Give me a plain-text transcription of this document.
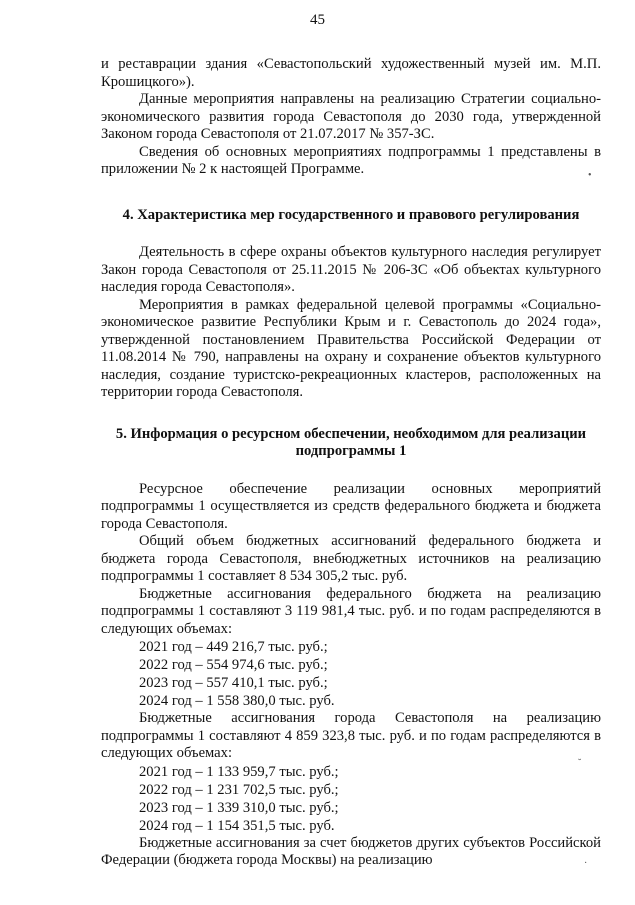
45

и реставрации здания «Севастопольский художественный музей им. М.П. Крошицкого»).

Данные мероприятия направлены на реализацию Стратегии социально-экономического развития города Севастополя до 2030 года, утвержденной Законом города Севастополя от 21.07.2017 № 357-ЗС.

Сведения об основных мероприятиях подпрограммы 1 представлены в приложении № 2 к настоящей Программе.

4. Характеристика мер государственного и правового регулирования

Деятельность в сфере охраны объектов культурного наследия регулирует Закон города Севастополя от 25.11.2015 № 206-ЗС «Об объектах культурного наследия города Севастополя».

Мероприятия в рамках федеральной целевой программы «Социально-экономическое развитие Республики Крым и г. Севастополь до 2024 года», утвержденной постановлением Правительства Российской Федерации от 11.08.2014 № 790, направлены на охрану и сохранение объектов культурного наследия, создание туристско-рекреационных кластеров, расположенных на территории города Севастополя.

5. Информация о ресурсном обеспечении, необходимом для реализации подпрограммы 1

Ресурсное обеспечение реализации основных мероприятий подпрограммы 1 осуществляется из средств федерального бюджета и бюджета города Севастополя.

Общий объем бюджетных ассигнований федерального бюджета и бюджета города Севастополя, внебюджетных источников на реализацию подпрограммы 1 составляет 8 534 305,2 тыс. руб.

Бюджетные ассигнования федерального бюджета на реализацию подпрограммы 1 составляют 3 119 981,4 тыс. руб. и по годам распределяются в следующих объемах:

2021 год – 449 216,7 тыс. руб.;
2022 год – 554 974,6 тыс. руб.;
2023 год – 557 410,1 тыс. руб.;
2024 год – 1 558 380,0 тыс. руб.

Бюджетные ассигнования города Севастополя на реализацию подпрограммы 1 составляют 4 859 323,8 тыс. руб. и по годам распределяются в следующих объемах:

2021 год – 1 133 959,7 тыс. руб.;
2022 год – 1 231 702,5 тыс. руб.;
2023 год – 1 339 310,0 тыс. руб.;
2024 год – 1 154 351,5 тыс. руб.

Бюджетные ассигнования за счет бюджетов других субъектов Российской Федерации (бюджета города Москвы) на реализацию

•
˘
·
